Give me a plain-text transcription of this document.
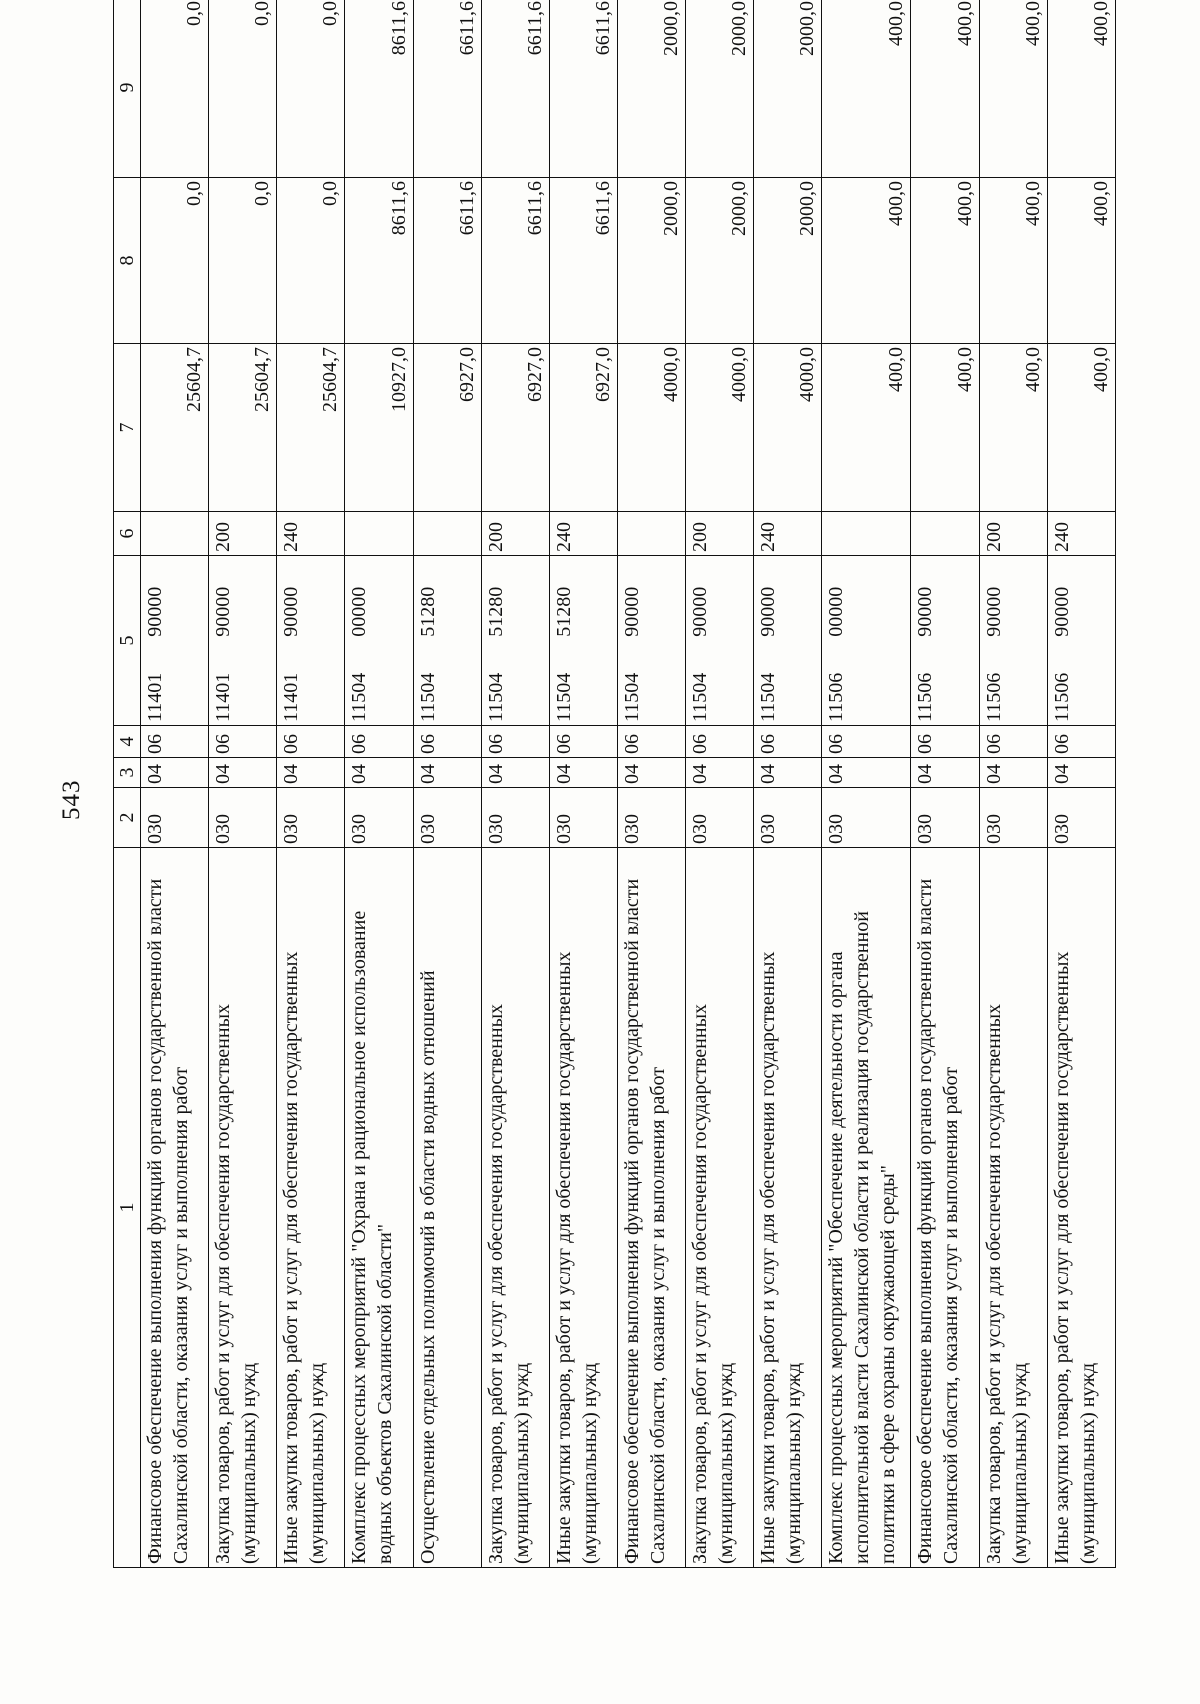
543
1	2	3	4	5	6	7	8	9
Финансовое обеспечение выполнения функций органов государственной власти Сахалинской области, оказания услуг и выполнения работ	030	04	06	1140190000		25604,7	0,0	0,0
Закупка товаров, работ и услуг для обеспечения государственных (муниципальных) нужд	030	04	06	1140190000	200	25604,7	0,0	0,0
Иные закупки товаров, работ и услуг для обеспечения государственных (муниципальных) нужд	030	04	06	1140190000	240	25604,7	0,0	0,0
Комплекс процессных мероприятий "Охрана и рациональное использование водных объектов Сахалинской области"	030	04	06	1150400000		10927,0	8611,6	8611,6
Осуществление отдельных полномочий в области водных отношений	030	04	06	1150451280		6927,0	6611,6	6611,6
Закупка товаров, работ и услуг для обеспечения государственных (муниципальных) нужд	030	04	06	1150451280	200	6927,0	6611,6	6611,6
Иные закупки товаров, работ и услуг для обеспечения государственных (муниципальных) нужд	030	04	06	1150451280	240	6927,0	6611,6	6611,6
Финансовое обеспечение выполнения функций органов государственной власти Сахалинской области, оказания услуг и выполнения работ	030	04	06	1150490000		4000,0	2000,0	2000,0
Закупка товаров, работ и услуг для обеспечения государственных (муниципальных) нужд	030	04	06	1150490000	200	4000,0	2000,0	2000,0
Иные закупки товаров, работ и услуг для обеспечения государственных (муниципальных) нужд	030	04	06	1150490000	240	4000,0	2000,0	2000,0
Комплекс процессных мероприятий "Обеспечение деятельности органа исполнительной власти Сахалинской области и реализация государственной политики в сфере охраны окружающей среды"	030	04	06	1150600000		400,0	400,0	400,0
Финансовое обеспечение выполнения функций органов государственной власти Сахалинской области, оказания услуг и выполнения работ	030	04	06	1150690000		400,0	400,0	400,0
Закупка товаров, работ и услуг для обеспечения государственных (муниципальных) нужд	030	04	06	1150690000	200	400,0	400,0	400,0
Иные закупки товаров, работ и услуг для обеспечения государственных (муниципальных) нужд	030	04	06	1150690000	240	400,0	400,0	400,0
